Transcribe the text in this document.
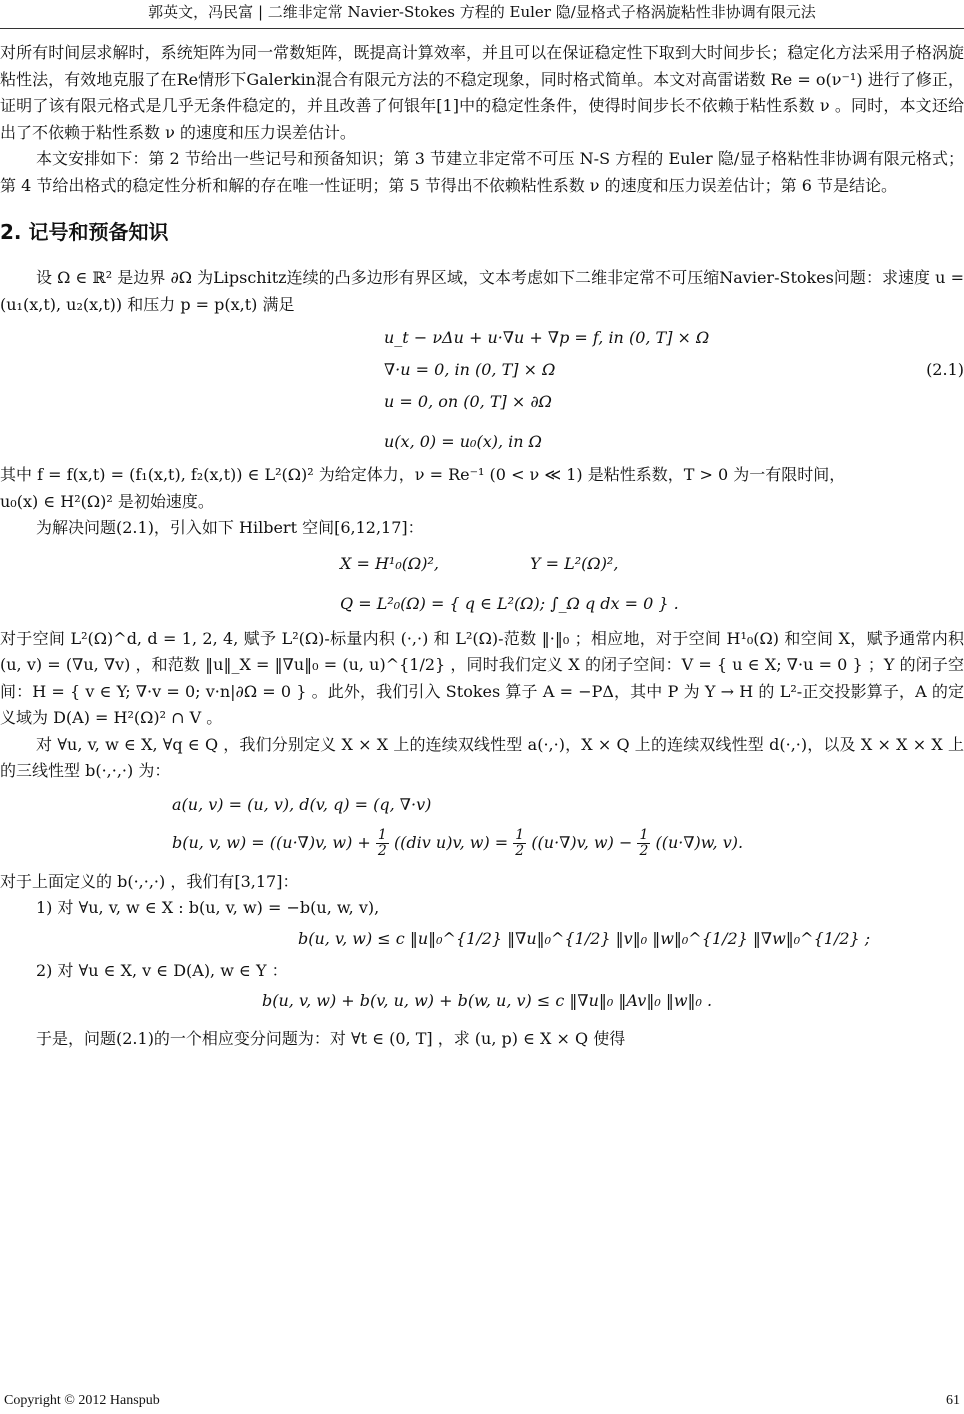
郭英文，冯民富 | 二维非定常 Navier-Stokes 方程的 Euler 隐/显格式子格涡旋粘性非协调有限元法

对所有时间层求解时，系统矩阵为同一常数矩阵，既提高计算效率，并且可以在保证稳定性下取到大时间步长；稳定化方法采用子格涡旋粘性法，有效地克服了在Re情形下Galerkin混合有限元方法的不稳定现象，同时格式简单。本文对高雷诺数 Re = o(ν⁻¹) 进行了修正，证明了该有限元格式是几乎无条件稳定的，并且改善了何银年[1]中的稳定性条件，使得时间步长不依赖于粘性系数 ν 。同时，本文还给出了不依赖于粘性系数 ν 的速度和压力误差估计。

本文安排如下：第 2 节给出一些记号和预备知识；第 3 节建立非定常不可压 N-S 方程的 Euler 隐/显子格粘性非协调有限元格式；第 4 节给出格式的稳定性分析和解的存在唯一性证明；第 5 节得出不依赖粘性系数 ν 的速度和压力误差估计；第 6 节是结论。

2. 记号和预备知识

设 Ω ∈ ℝ² 是边界 ∂Ω 为Lipschitz连续的凸多边形有界区域，文本考虑如下二维非定常不可压缩Navier-Stokes问题：求速度 u = (u₁(x,t), u₂(x,t)) 和压力 p = p(x,t) 满足

u_t − νΔu + u·∇u + ∇p = f, in (0, T] × Ω
∇·u = 0, in (0, T] × Ω	(2.1)
u = 0, on (0, T] × ∂Ω
u(x, 0) = u₀(x), in Ω

其中 f = f(x,t) = (f₁(x,t), f₂(x,t)) ∈ L²(Ω)² 为给定体力，ν = Re⁻¹ (0 < ν ≪ 1) 是粘性系数，T > 0 为一有限时间，

u₀(x) ∈ H²(Ω)² 是初始速度。

为解决问题(2.1)，引入如下 Hilbert 空间[6,12,17]：

X = H¹₀(Ω)²,	Y = L²(Ω)²,
Q = L²₀(Ω) = { q ∈ L²(Ω); ∫_Ω q dx = 0 } .

对于空间 L²(Ω)^d, d = 1, 2, 4, 赋予 L²(Ω)-标量内积 (·,·) 和 L²(Ω)-范数 ‖·‖₀ ；相应地，对于空间 H¹₀(Ω) 和空间 X，赋予通常内积 (u, v) = (∇u, ∇v) ，和范数 ‖u‖_X = ‖∇u‖₀ = (u, u)^{1/2} ，同时我们定义 X 的闭子空间：V = { u ∈ X; ∇·u = 0 } ；Y 的闭子空间：H = { v ∈ Y; ∇·v = 0; v·n|∂Ω = 0 } 。此外，我们引入 Stokes 算子 A = −PΔ，其中 P 为 Y → H 的 L²-正交投影算子，A 的定义域为 D(A) = H²(Ω)² ∩ V 。

对 ∀u, v, w ∈ X, ∀q ∈ Q ，我们分别定义 X × X 上的连续双线性型 a(·,·)，X × Q 上的连续双线性型 d(·,·)，以及 X × X × X 上的三线性型 b(·,·,·) 为：

a(u, v) = (u, v), d(v, q) = (q, ∇·v)
b(u, v, w) = ((u·∇)v, $w) + \frac{1}{2} ((div$ u)v, $w) = \frac{1}{2} ((u\cdot\nabla)v$, $w) - \frac{1}{2} ((u\cdot\nabla)w$, v).

对于上面定义的 b(·,·,·) ，我们有[3,17]：

1) 对 ∀u, v, w ∈ X : b(u, v, w) = −b(u, w, v),

b(u, v, w) ≤ c ‖u‖₀^{1/2} ‖∇u‖₀^{1/2} ‖v‖₀ ‖w‖₀^{1/2} ‖∇w‖₀^{1/2} ;

2) 对 ∀u ∈ X, v ∈ D(A), w ∈ Y ：

b(u, v, w) + b(v, u, w) + b(w, u, v) ≤ c ‖∇u‖₀ ‖Av‖₀ ‖w‖₀ .

于是，问题(2.1)的一个相应变分问题为：对 ∀t ∈ (0, T] ，求 (u, p) ∈ X × Q 使得

Copyright © 2012 Hanspub	61
